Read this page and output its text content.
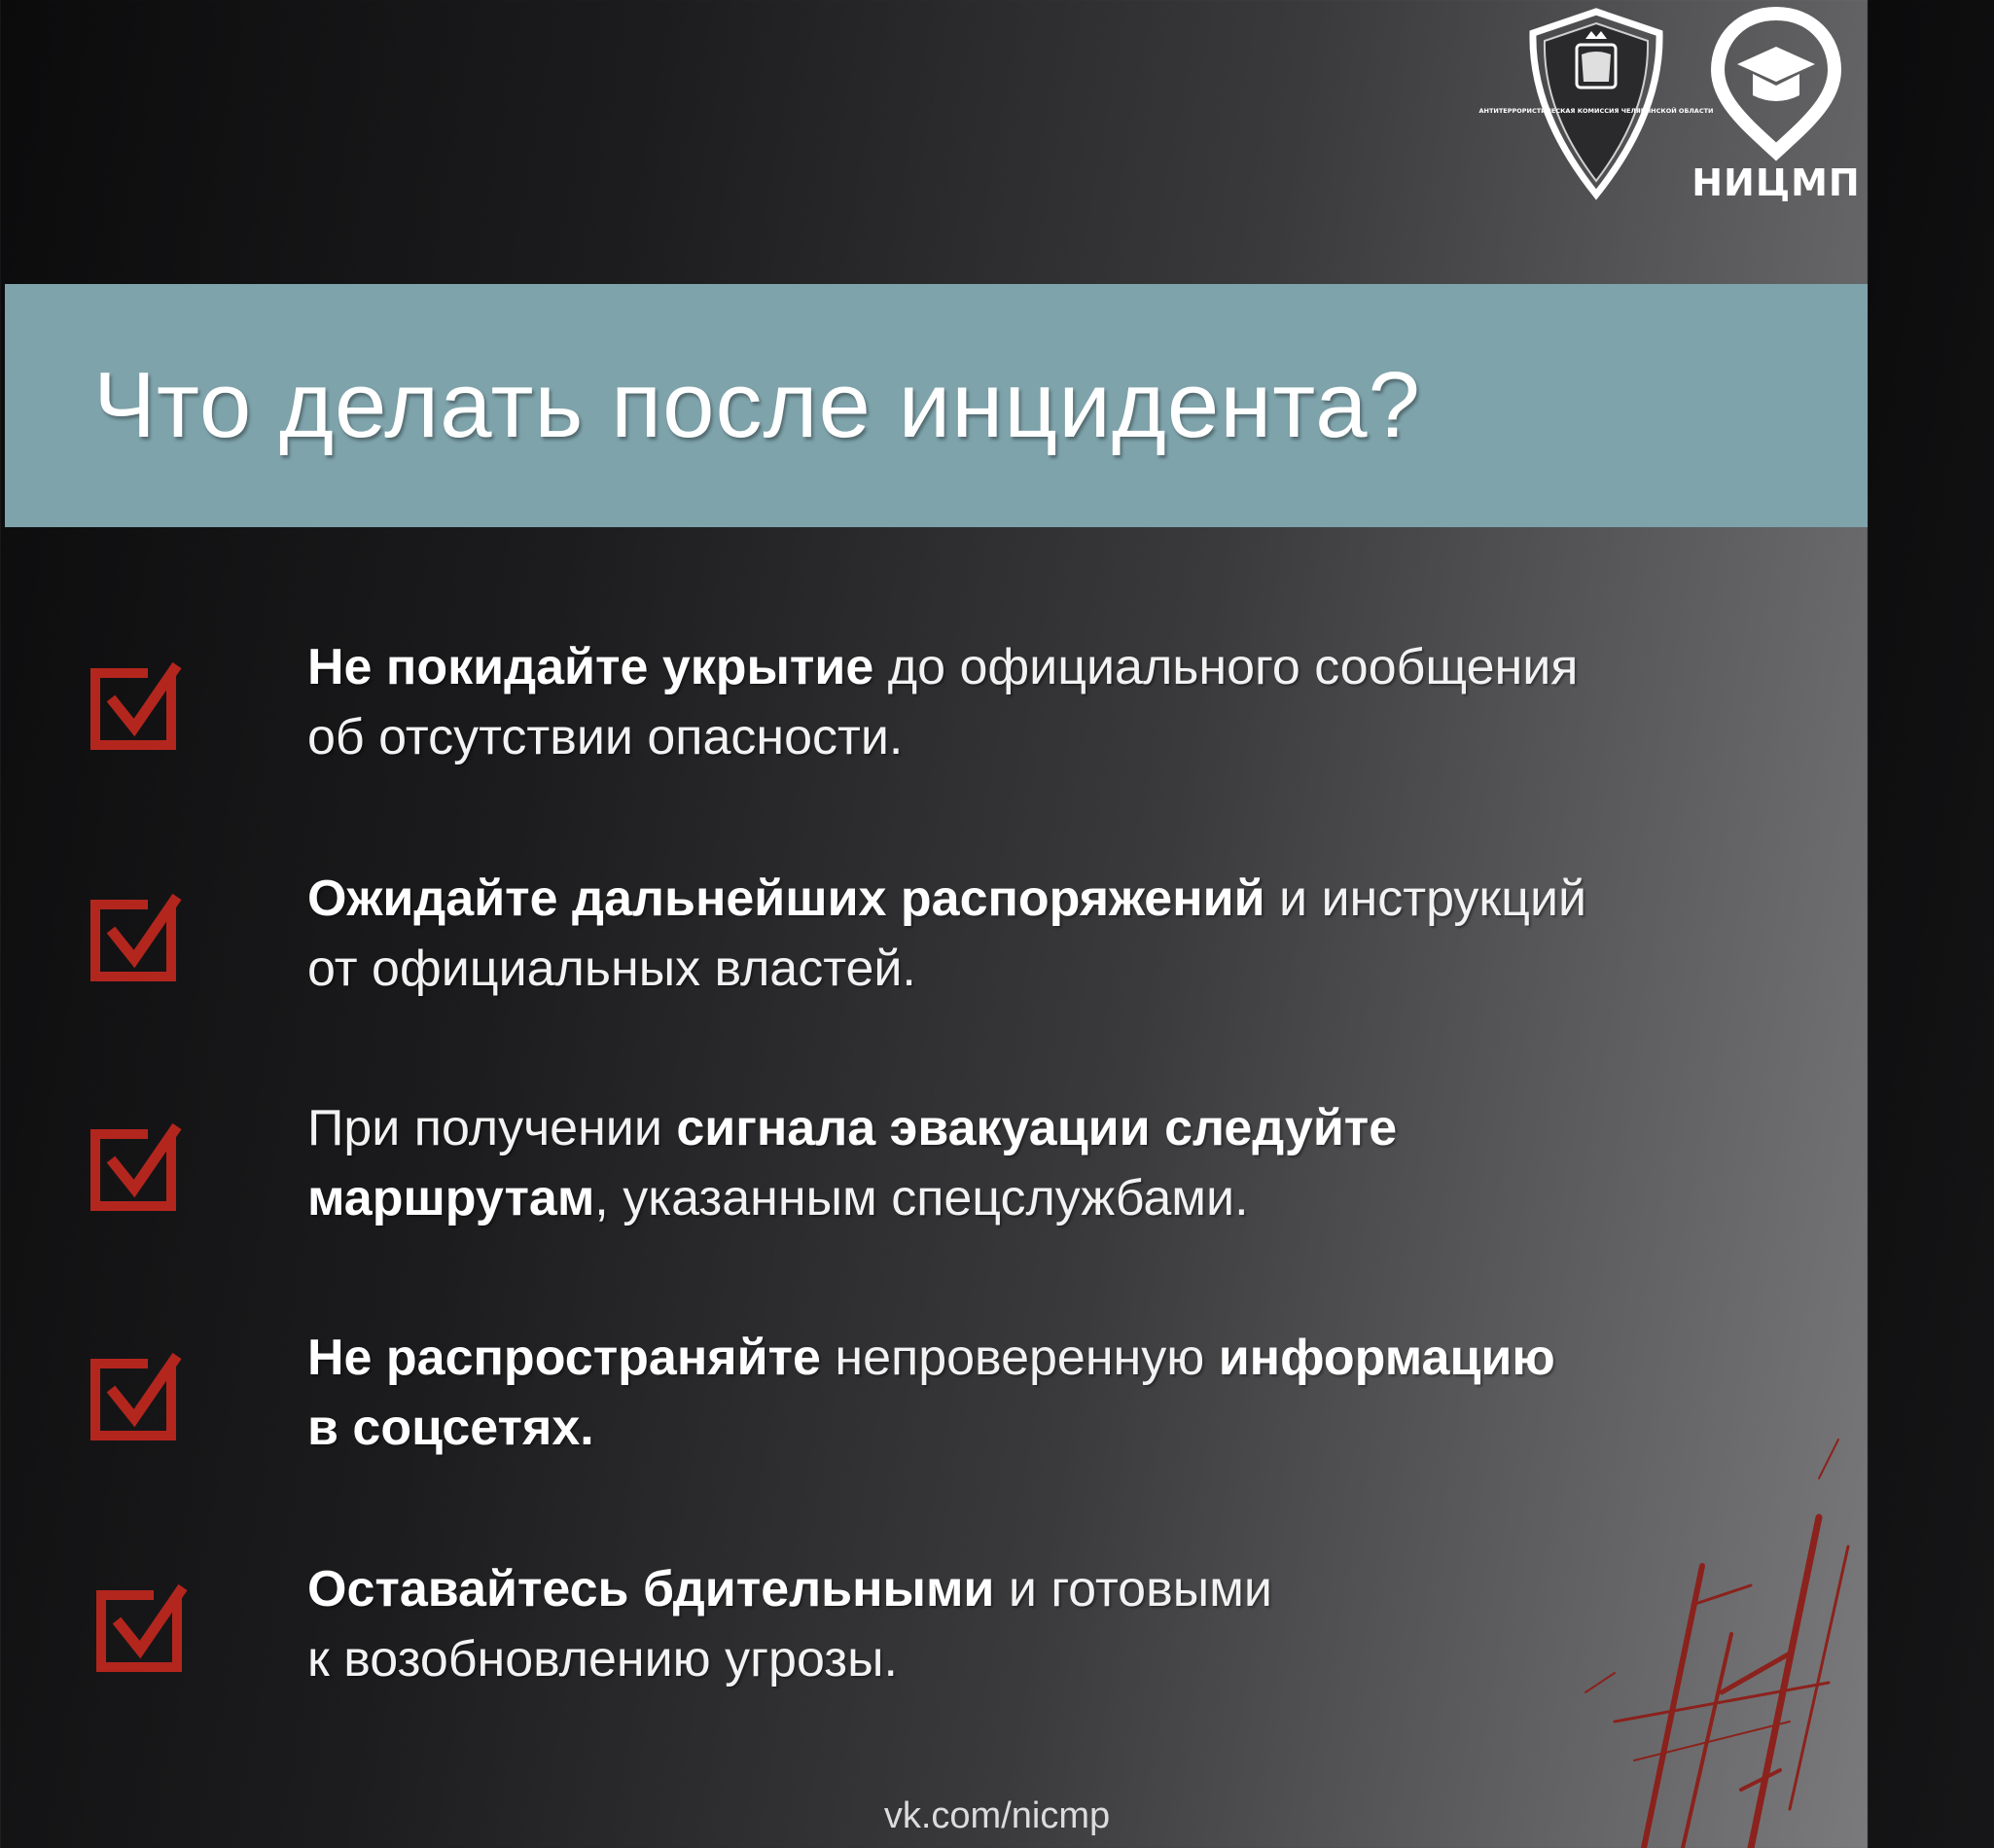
АНТИТЕРРОРИСТИЧЕСКАЯ КОМИССИЯ ЧЕЛЯБИНСКОЙ ОБЛАСТИ
НИЦМП
Что делать после инцидента?
Не покидайте укрытие до официального сообщения
об отсутствии опасности.
Ожидайте дальнейших распоряжений и инструкций
от официальных властей.
При получении сигнала эвакуации следуйте
маршрутам, указанным спецслужбами.
Не распространяйте непроверенную информацию
в соцсетях.
Оставайтесь бдительными и готовыми
к возобновлению угрозы.
vk.com/nicmp
